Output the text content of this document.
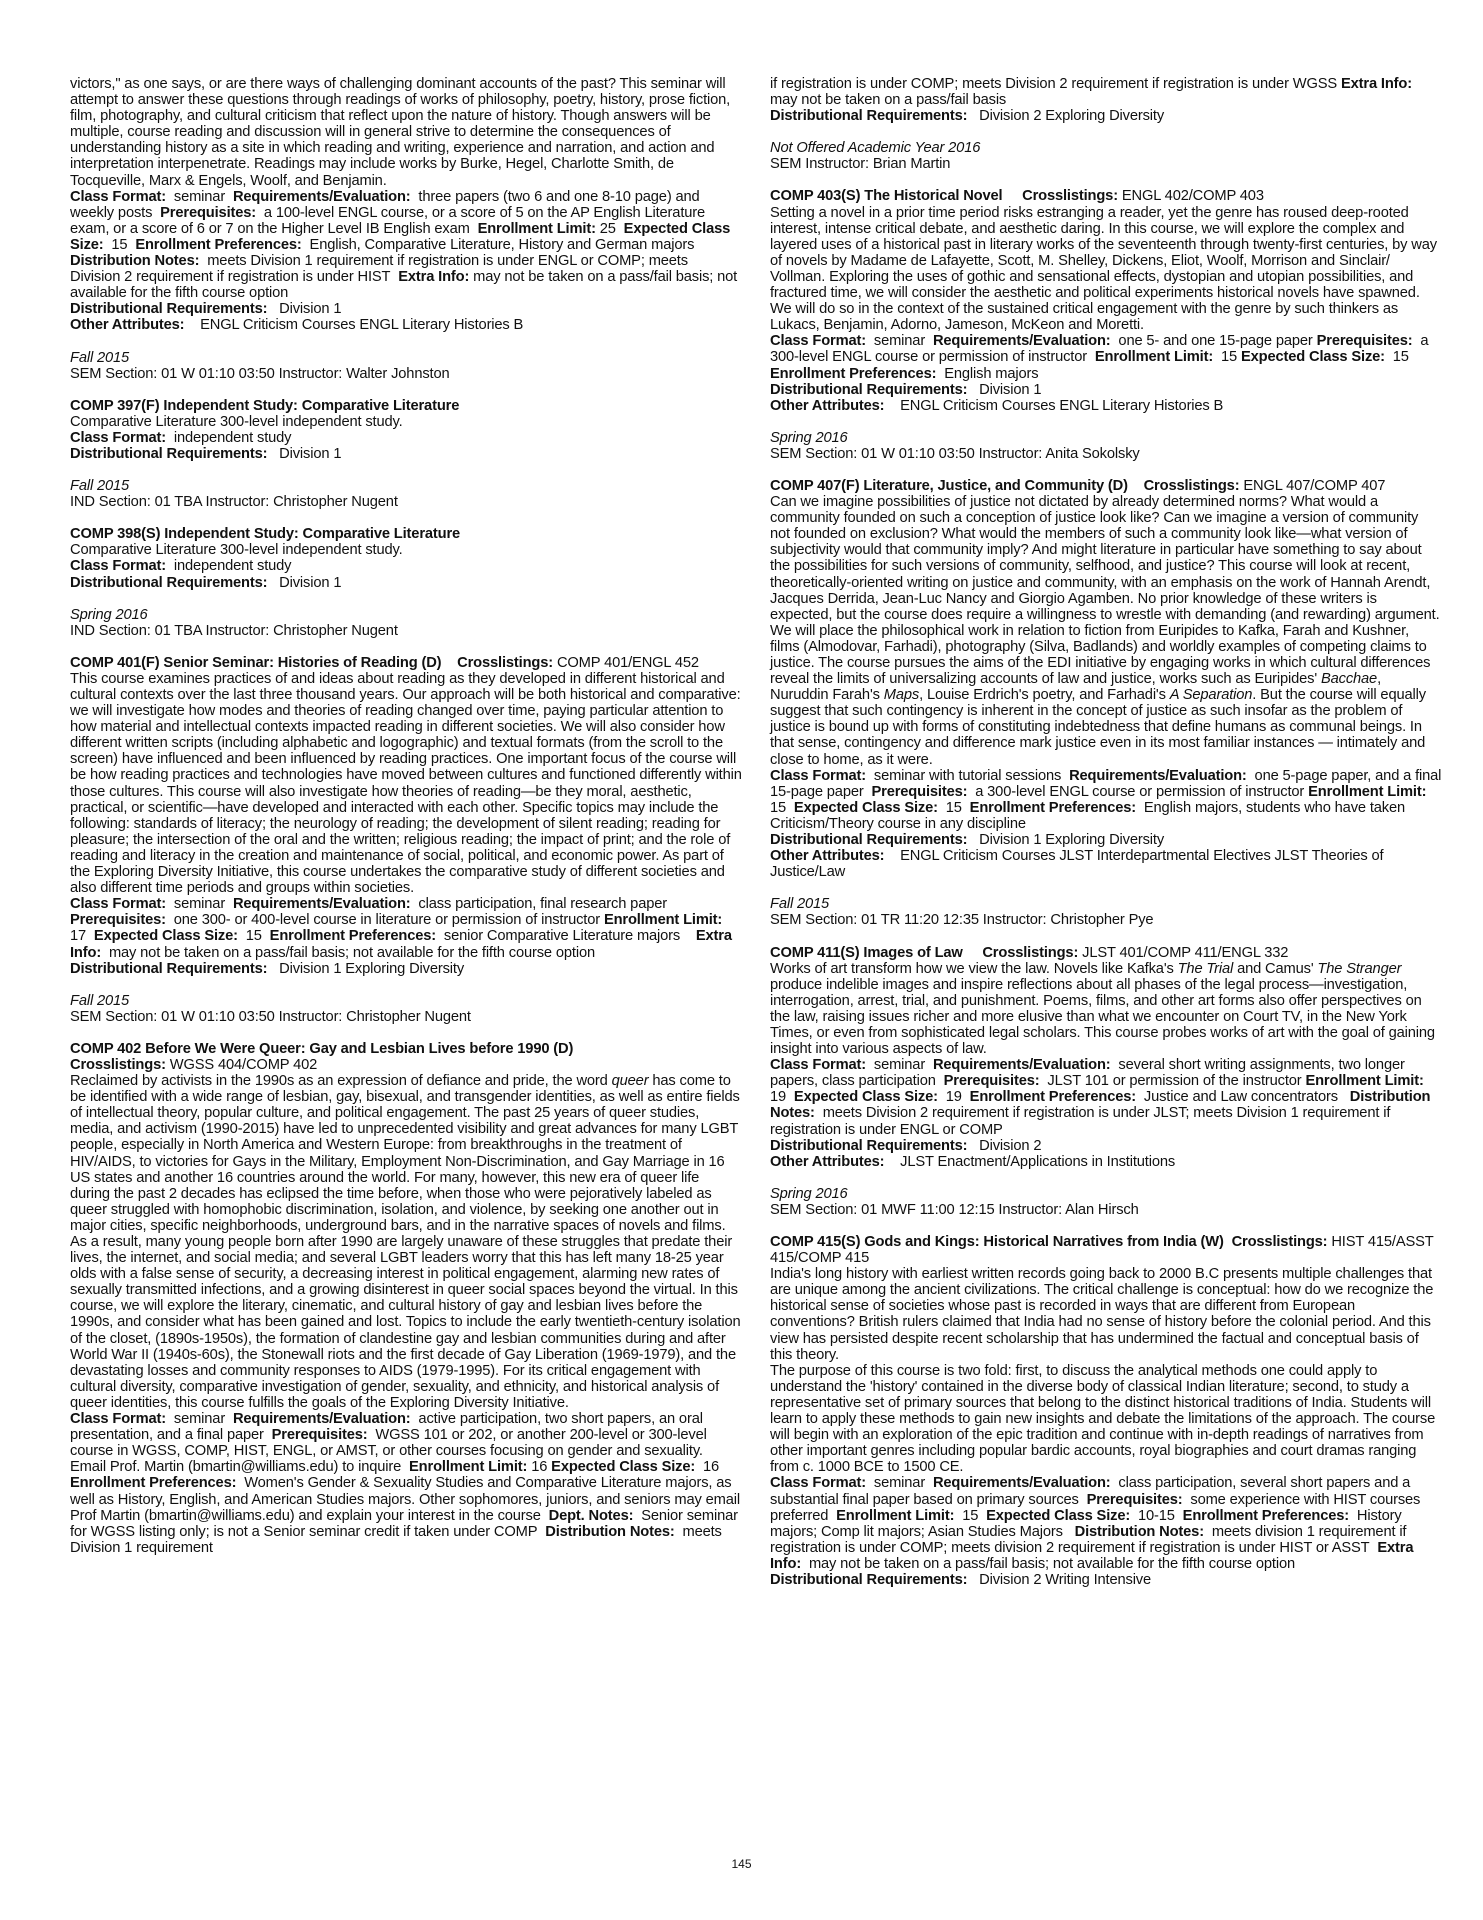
victors," as one says, or are there ways of challenging dominant accounts of the past? This seminar will attempt to answer these questions through readings of works of philosophy, poetry, history, prose fiction, film, photography, and cultural criticism that reflect upon the nature of history. Though answers will be multiple, course reading and discussion will in general strive to determine the consequences of understanding history as a site in which reading and writing, experience and narration, and action and interpretation interpenetrate. Readings may include works by Burke, Hegel, Charlotte Smith, de Tocqueville, Marx & Engels, Woolf, and Benjamin.

Class Format: seminar Requirements/Evaluation: three papers (two 6 and one 8-10 page) and weekly posts Prerequisites: a 100-level ENGL course, or a score of 5 on the AP English Literature exam, or a score of 6 or 7 on the Higher Level IB English exam Enrollment Limit: 25 Expected Class Size: 15 Enrollment Preferences: English, Comparative Literature, History and German majors   Distribution Notes: meets Division 1 requirement if registration is under ENGL or COMP; meets Division 2 requirement if registration is under HIST Extra Info: may not be taken on a pass/fail basis; not available for the fifth course option

Distributional Requirements: Division 1

Other Attributes: ENGL Criticism Courses ENGL Literary Histories B

Fall 2015

SEM Section: 01 W 01:10 03:50 Instructor: Walter Johnston

COMP 397(F) Independent Study: Comparative Literature

Comparative Literature 300-level independent study.

Class Format: independent study

Distributional Requirements: Division 1

Fall 2015

IND Section: 01 TBA Instructor: Christopher Nugent

COMP 398(S) Independent Study: Comparative Literature

Comparative Literature 300-level independent study.

Class Format: independent study

Distributional Requirements: Division 1

Spring 2016

IND Section: 01 TBA Instructor: Christopher Nugent

COMP 401(F) Senior Seminar: Histories of Reading (D) Crosslistings: COMP 401/ENGL 452

This course examines practices of and ideas about reading as they developed in different historical and cultural contexts over the last three thousand years. Our approach will be both historical and comparative: we will investigate how modes and theories of reading changed over time, paying particular attention to how material and intellectual contexts impacted reading in different societies. We will also consider how different written scripts (including alphabetic and logographic) and textual formats (from the scroll to the screen) have influenced and been influenced by reading practices. One important focus of the course will be how reading practices and technologies have moved between cultures and functioned differently within those cultures. This course will also investigate how theories of reading—be they moral, aesthetic, practical, or scientific—have developed and interacted with each other. Specific topics may include the following: standards of literacy; the neurology of reading; the development of silent reading; reading for pleasure; the intersection of the oral and the written; religious reading; the impact of print; and the role of reading and literacy in the creation and maintenance of social, political, and economic power. As part of the Exploring Diversity Initiative, this course undertakes the comparative study of different societies and also different time periods and groups within societies.

Class Format: seminar Requirements/Evaluation: class participation, final research paper Prerequisites: one 300- or 400-level course in literature or permission of instructor Enrollment Limit: 17 Expected Class Size: 15 Enrollment Preferences: senior Comparative Literature majors Extra Info: may not be taken on a pass/fail basis; not available for the fifth course option

Distributional Requirements: Division 1 Exploring Diversity

Fall 2015

SEM Section: 01 W 01:10 03:50 Instructor: Christopher Nugent

COMP 402 Before We Were Queer: Gay and Lesbian Lives before 1990 (D)

Crosslistings: WGSS 404/COMP 402

Reclaimed by activists in the 1990s as an expression of defiance and pride, the word queer has come to be identified with a wide range of lesbian, gay, bisexual, and transgender identities, as well as entire fields of intellectual theory, popular culture, and political engagement. The past 25 years of queer studies, media, and activism (1990-2015) have led to unprecedented visibility and great advances for many LGBT people, especially in North America and Western Europe: from breakthroughs in the treatment of HIV/AIDS, to victories for Gays in the Military, Employment Non-Discrimination, and Gay Marriage in 16 US states and another 16 countries around the world. For many, however, this new era of queer life during the past 2 decades has eclipsed the time before, when those who were pejoratively labeled as queer struggled with homophobic discrimination, isolation, and violence, by seeking one another out in major cities, specific neighborhoods, underground bars, and in the narrative spaces of novels and films. As a result, many young people born after 1990 are largely unaware of these struggles that predate their lives, the internet, and social media; and several LGBT leaders worry that this has left many 18-25 year olds with a false sense of security, a decreasing interest in political engagement, alarming new rates of sexually transmitted infections, and a growing disinterest in queer social spaces beyond the virtual. In this course, we will explore the literary, cinematic, and cultural history of gay and lesbian lives before the 1990s, and consider what has been gained and lost. Topics to include the early twentieth-century isolation of the closet, (1890s-1950s), the formation of clandestine gay and lesbian communities during and after World War II (1940s-60s), the Stonewall riots and the first decade of Gay Liberation (1969-1979), and the devastating losses and community responses to AIDS (1979-1995). For its critical engagement with cultural diversity, comparative investigation of gender, sexuality, and ethnicity, and historical analysis of queer identities, this course fulfills the goals of the Exploring Diversity Initiative.

Class Format: seminar Requirements/Evaluation: active participation, two short papers, an oral presentation, and a final paper Prerequisites: WGSS 101 or 202, or another 200-level or 300-level course in WGSS, COMP, HIST, ENGL, or AMST, or other courses focusing on gender and sexuality. Email Prof. Martin (bmartin@williams.edu) to inquire Enrollment Limit: 16 Expected Class Size: 16  Enrollment Preferences: Women's Gender & Sexuality Studies and Comparative Literature majors, as well as History, English, and American Studies majors. Other sophomores, juniors, and seniors may email Prof Martin (bmartin@williams.edu) and explain your interest in the course Dept. Notes: Senior seminar for WGSS listing only; is not a Senior seminar credit if taken under COMP Distribution Notes: meets Division 1 requirement

if registration is under COMP; meets Division 2 requirement if registration is under WGSS Extra Info:  may not be taken on a pass/fail basis

Distributional Requirements: Division 2 Exploring Diversity

Not Offered Academic Year 2016

SEM Instructor: Brian Martin

COMP 403(S) The Historical Novel Crosslistings: ENGL 402/COMP 403

Setting a novel in a prior time period risks estranging a reader, yet the genre has roused deep-rooted interest, intense critical debate, and aesthetic daring. In this course, we will explore the complex and layered uses of a historical past in literary works of the seventeenth through twenty-first centuries, by way of novels by Madame de Lafayette, Scott, M. Shelley, Dickens, Eliot, Woolf, Morrison and Sinclair/ Vollman. Exploring the uses of gothic and sensational effects, dystopian and utopian possibilities, and fractured time, we will consider the aesthetic and political experiments historical novels have spawned. We will do so in the context of the sustained critical engagement with the genre by such thinkers as Lukacs, Benjamin, Adorno, Jameson, McKeon and Moretti.

Class Format: seminar Requirements/Evaluation: one 5- and one 15-page paper Prerequisites: a 300-level ENGL course or permission of instructor Enrollment Limit: 15 Expected Class Size: 15  Enrollment Preferences: English majors

Distributional Requirements: Division 1

Other Attributes: ENGL Criticism Courses ENGL Literary Histories B

Spring 2016

SEM Section: 01 W 01:10 03:50 Instructor: Anita Sokolsky

COMP 407(F) Literature, Justice, and Community (D) Crosslistings: ENGL 407/COMP 407

Can we imagine possibilities of justice not dictated by already determined norms? What would a community founded on such a conception of justice look like? Can we imagine a version of community not founded on exclusion? What would the members of such a community look like—what version of subjectivity would that community imply? And might literature in particular have something to say about the possibilities for such versions of community, selfhood, and justice? This course will look at recent, theoretically-oriented writing on justice and community, with an emphasis on the work of Hannah Arendt, Jacques Derrida, Jean-Luc Nancy and Giorgio Agamben. No prior knowledge of these writers is expected, but the course does require a willingness to wrestle with demanding (and rewarding) argument. We will place the philosophical work in relation to fiction from Euripides to Kafka, Farah and Kushner, films (Almodovar, Farhadi), photography (Silva, Badlands) and worldly examples of competing claims to justice. The course pursues the aims of the EDI initiative by engaging works in which cultural differences reveal the limits of universalizing accounts of law and justice, works such as Euripides' Bacchae, Nuruddin Farah's Maps, Louise Erdrich's poetry, and Farhadi's A Separation. But the course will equally suggest that such contingency is inherent in the concept of justice as such insofar as the problem of justice is bound up with forms of constituting indebtedness that define humans as communal beings. In that sense, contingency and difference mark justice even in its most familiar instances — intimately and close to home, as it were.

Class Format: seminar with tutorial sessions Requirements/Evaluation: one 5-page paper, and a final 15-page paper Prerequisites: a 300-level ENGL course or permission of instructor Enrollment Limit:  15 Expected Class Size: 15 Enrollment Preferences: English majors, students who have taken Criticism/Theory course in any discipline

Distributional Requirements: Division 1 Exploring Diversity

Other Attributes: ENGL Criticism Courses JLST Interdepartmental Electives JLST Theories of Justice/Law

Fall 2015

SEM Section: 01 TR 11:20 12:35 Instructor: Christopher Pye

COMP 411(S) Images of Law Crosslistings: JLST 401/COMP 411/ENGL 332

Works of art transform how we view the law. Novels like Kafka's The Trial and Camus' The Stranger produce indelible images and inspire reflections about all phases of the legal process—investigation, interrogation, arrest, trial, and punishment. Poems, films, and other art forms also offer perspectives on the law, raising issues richer and more elusive than what we encounter on Court TV, in the New York Times, or even from sophisticated legal scholars. This course probes works of art with the goal of gaining insight into various aspects of law.

Class Format: seminar Requirements/Evaluation: several short writing assignments, two longer papers, class participation Prerequisites: JLST 101 or permission of the instructor Enrollment Limit:  19 Expected Class Size: 19 Enrollment Preferences: Justice and Law concentrators Distribution Notes: meets Division 2 requirement if registration is under JLST; meets Division 1 requirement if registration is under ENGL or COMP

Distributional Requirements: Division 2

Other Attributes: JLST Enactment/Applications in Institutions

Spring 2016

SEM Section: 01 MWF 11:00 12:15 Instructor: Alan Hirsch

COMP 415(S) Gods and Kings: Historical Narratives from India (W) Crosslistings: HIST 415/ASST 415/COMP 415

India's long history with earliest written records going back to 2000 B.C presents multiple challenges that are unique among the ancient civilizations. The critical challenge is conceptual: how do we recognize the historical sense of societies whose past is recorded in ways that are different from European conventions? British rulers claimed that India had no sense of history before the colonial period. And this view has persisted despite recent scholarship that has undermined the factual and conceptual basis of this theory.

The purpose of this course is two fold: first, to discuss the analytical methods one could apply to understand the 'history' contained in the diverse body of classical Indian literature; second, to study a representative set of primary sources that belong to the distinct historical traditions of India. Students will learn to apply these methods to gain new insights and debate the limitations of the approach. The course will begin with an exploration of the epic tradition and continue with in-depth readings of narratives from other important genres including popular bardic accounts, royal biographies and court dramas ranging from c. 1000 BCE to 1500 CE.

Class Format: seminar Requirements/Evaluation: class participation, several short papers and a substantial final paper based on primary sources Prerequisites: some experience with HIST courses preferred Enrollment Limit: 15 Expected Class Size: 10-15 Enrollment Preferences: History majors; Comp lit majors; Asian Studies Majors Distribution Notes: meets division 1 requirement if registration is under COMP; meets division 2 requirement if registration is under HIST or ASST Extra Info: may not be taken on a pass/fail basis; not available for the fifth course option

Distributional Requirements: Division 2 Writing Intensive

145
